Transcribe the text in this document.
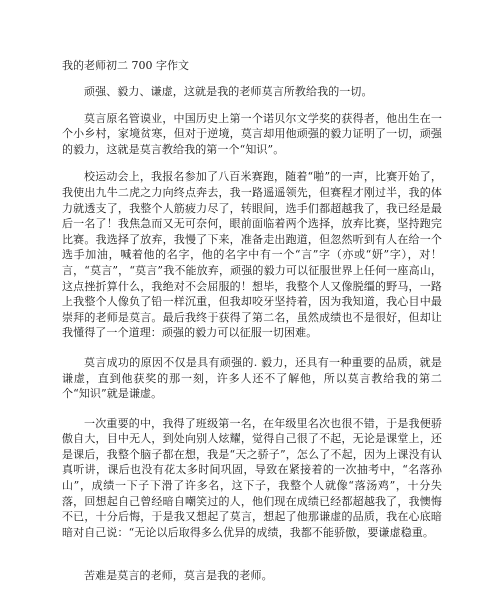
我的老师初二 700 字作文

顽强、毅力、谦虚，这就是我的老师莫言所教给我的一切。

莫言原名管谟业，中国历史上第一个诺贝尔文学奖的获得者，他出生在一个小乡村，家境贫寒，但对于逆境，莫言却用他顽强的毅力证明了一切，顽强的毅力，这就是莫言教给我的第一个“知识”。

校运动会上，我报名参加了八百米赛跑，随着“啪”的一声，比赛开始了，我使出九牛二虎之力向终点奔去，我一路遥遥领先，但赛程才刚过半，我的体力就透支了，我整个人筋疲力尽了，转眼间，选手们都超越我了，我已经是最后一名了！我焦急而又无可奈何，眼前面临着两个选择，放弃比赛，坚持跑完比赛。我选择了放弃，我慢了下来，准备走出跑道，但忽然听到有人在给一个选手加油，喊着他的名字，他的名字中有一个“言”字（亦或“妍”字），对！言，“莫言”，“莫言”我不能放弃，顽强的毅力可以征服世界上任何一座高山，这点挫折算什么，我绝对不会屈服的！想毕，我整个人又像脱缰的野马，一路上我整个人像负了铅一样沉重，但我却咬牙坚持着，因为我知道，我心目中最崇拜的老师是莫言。最后我终于获得了第二名，虽然成绩也不是很好，但却让我懂得了一个道理：顽强的毅力可以征服一切困难。

莫言成功的原因不仅是具有顽强的. 毅力，还具有一种重要的品质，就是谦虚，直到他获奖的那一刻，许多人还不了解他，所以莫言教给我的第二个“知识”就是谦虚。

一次重要的中，我得了班级第一名，在年级里名次也很不错，于是我便骄傲自大，目中无人，到处向别人炫耀，觉得自己很了不起，无论是课堂上，还是课后，我整个脑子都在想，我是“天之骄子”，怎么了不起，因为上课没有认真听讲，课后也没有花太多时间巩固，导致在紧接着的一次抽考中，“名落孙山”，成绩一下子下滑了许多名，这下子，我整个人就像“落汤鸡”，十分失落，回想起自己曾经暗自嘲笑过的人，他们现在成绩已经都超越我了，我懊悔不已，十分后悔，于是我又想起了莫言，想起了他那谦虚的品质，我在心底暗暗对自己说：“无论以后取得多么优异的成绩，我都不能骄傲，要谦虚稳重。

苦难是莫言的老师，莫言是我的老师。
